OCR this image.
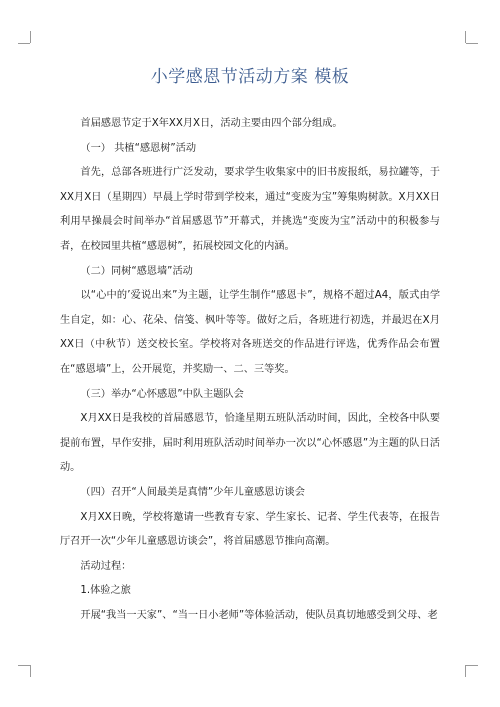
小学感恩节活动方案 模板

首届感恩节定于X年XX月X日，活动主要由四个部分组成。

（一） 共植“感恩树”活动

首先，总部各班进行广泛发动，要求学生收集家中的旧书废报纸，易拉罐等，于XX月X日（星期四）早晨上学时带到学校来，通过“变废为宝”筹集购树款。X月XX日利用早操晨会时间举办“首届感恩节”开幕式，并挑选“变废为宝”活动中的积极参与者，在校园里共植“感恩树”，拓展校园文化的内涵。

（二）同树“感恩墙”活动

以“心中的’爱说出来”为主题，让学生制作“感恩卡”，规格不超过A4，版式由学生自定，如：心、花朵、信笺、枫叶等等。做好之后，各班进行初选，并最迟在X月XX日（中秋节）送交校长室。学校将对各班送交的作品进行评选，优秀作品会布置在“感恩墙”上，公开展览，并奖励一、二、三等奖。

（三）举办“心怀感恩”中队主题队会

X月XX日是我校的首届感恩节，恰逢星期五班队活动时间，因此，全校各中队要提前布置，早作安排，届时利用班队活动时间举办一次以“心怀感恩”为主题的队日活动。

（四）召开“人间最美是真情”少年儿童感恩访谈会

X月XX日晚，学校将邀请一些教育专家、学生家长、记者、学生代表等，在报告厅召开一次“少年儿童感恩访谈会”，将首届感恩节推向高潮。

活动过程：

1.体验之旅

开展“我当一天家”、“当一日小老师”等体验活动，使队员真切地感受到父母、老
